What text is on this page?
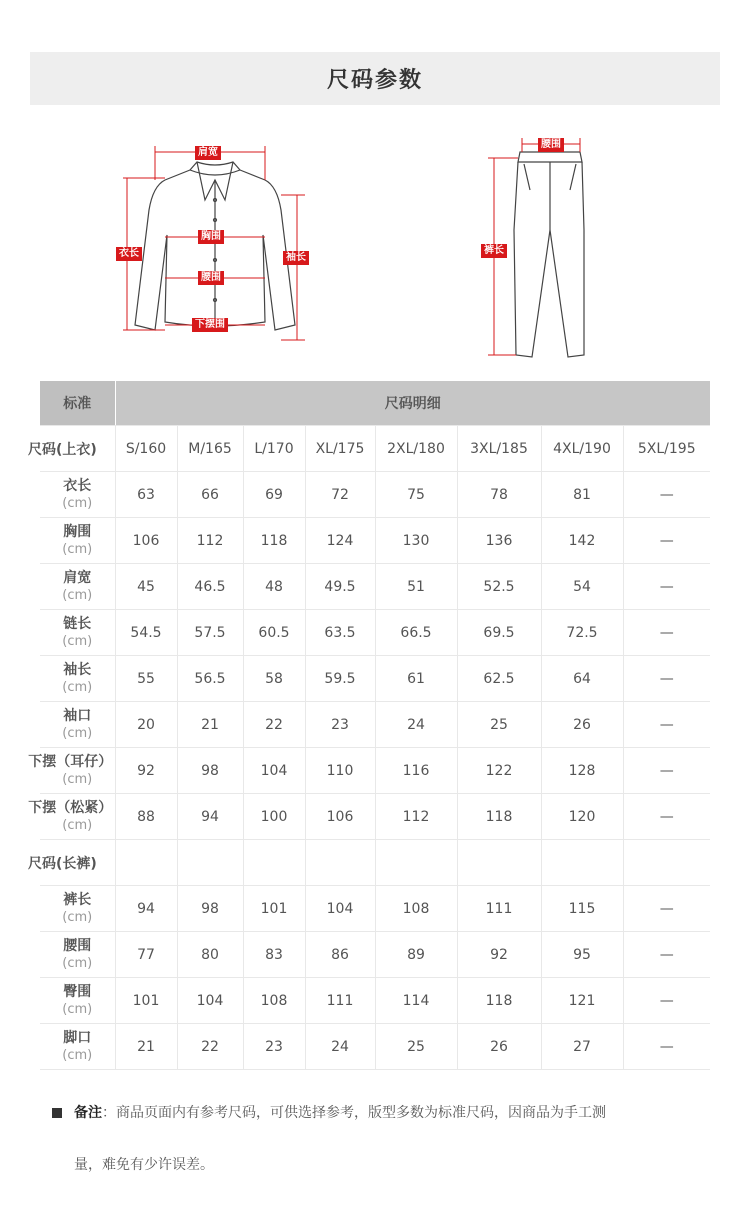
尺码参数
肩宽
衣长
胸围
腰围
袖长
下摆围
腰围
裤长
标准	尺码明细							
尺码(上衣)	S/160	M/165	L/170	XL/175	2XL/180	3XL/185	4XL/190	5XL/195
衣长
(cm)	63	66	69	72	75	78	81	—
胸围
(cm)	106	112	118	124	130	136	142	—
肩宽
(cm)	45	46.5	48	49.5	51	52.5	54	—
链长
(cm)	54.5	57.5	60.5	63.5	66.5	69.5	72.5	—
袖长
(cm)	55	56.5	58	59.5	61	62.5	64	—
袖口
(cm)	20	21	22	23	24	25	26	—

下摆（耳仔）
(cm)	92	98	104	110	116	122	128	—

下摆（松紧）
(cm)	88	94	100	106	112	118	120	—
尺码(长裤)								
裤长
(cm)	94	98	101	104	108	111	115	—
腰围
(cm)	77	80	83	86	89	92	95	—
臀围
(cm)	101	104	108	111	114	118	121	—
脚口
(cm)	21	22	23	24	25	26	27	—
备注：商品页面内有参考尺码，可供选择参考，版型多数为标准尺码，因商品为手工测
量，难免有少许误差。
